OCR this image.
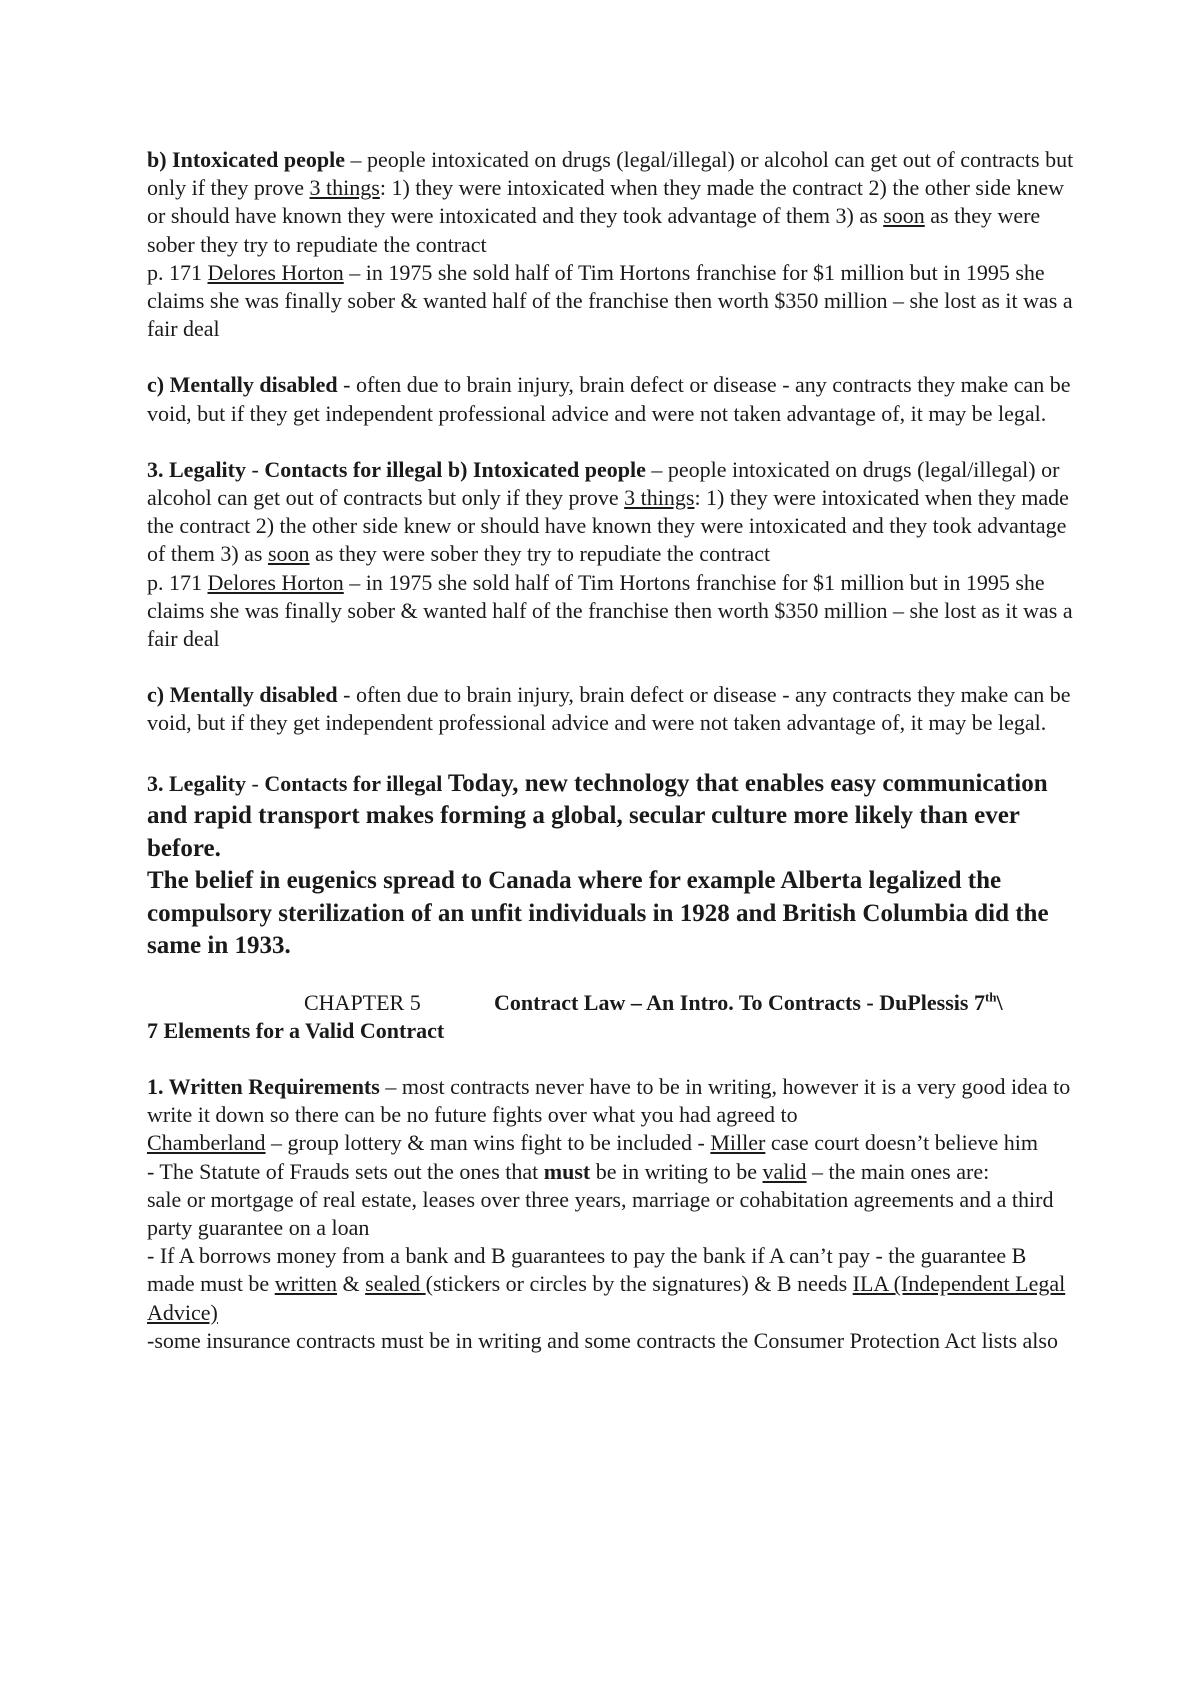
b) Intoxicated people – people intoxicated on drugs (legal/illegal) or alcohol can get out of contracts but only if they prove 3 things: 1) they were intoxicated when they made the contract 2) the other side knew or should have known they were intoxicated and they took advantage of them 3) as soon as they were sober they try to repudiate the contract

p. 171 Delores Horton – in 1975 she sold half of Tim Hortons franchise for $1 million but in 1995 she claims she was finally sober & wanted half of the franchise then worth $350 million – she lost as it was a fair deal

c) Mentally disabled - often due to brain injury, brain defect or disease - any contracts they make can be void, but if they get independent professional advice and were not taken advantage of, it may be legal.

3. Legality - Contacts for illegal b) Intoxicated people – people intoxicated on drugs (legal/illegal) or alcohol can get out of contracts but only if they prove 3 things: 1) they were intoxicated when they made the contract 2) the other side knew or should have known they were intoxicated and they took advantage of them 3) as soon as they were sober they try to repudiate the contract

p. 171 Delores Horton – in 1975 she sold half of Tim Hortons franchise for $1 million but in 1995 she claims she was finally sober & wanted half of the franchise then worth $350 million – she lost as it was a fair deal

c) Mentally disabled - often due to brain injury, brain defect or disease - any contracts they make can be void, but if they get independent professional advice and were not taken advantage of, it may be legal.

3. Legality - Contacts for illegal Today, new technology that enables easy communication and rapid transport makes forming a global, secular culture more likely than ever before.

The belief in eugenics spread to Canada where for example Alberta legalized the compulsory sterilization of an unfit individuals in 1928 and British Columbia did the same in 1933.

CHAPTER 5	Contract Law – An Intro. To Contracts - DuPlessis 7th\

7 Elements for a Valid Contract

1. Written Requirements – most contracts never have to be in writing, however it is a very good idea to write it down so there can be no future fights over what you had agreed to

Chamberland – group lottery & man wins fight to be included - Miller case court doesn’t believe him

- The Statute of Frauds sets out the ones that must be in writing to be valid – the main ones are:

sale or mortgage of real estate, leases over three years, marriage or cohabitation agreements and a third party guarantee on a loan

- If A borrows money from a bank and B guarantees to pay the bank if A can’t pay - the guarantee B made must be written & sealed (stickers or circles by the signatures) & B needs ILA (Independent Legal Advice)

-some insurance contracts must be in writing and some contracts the Consumer Protection Act lists also
